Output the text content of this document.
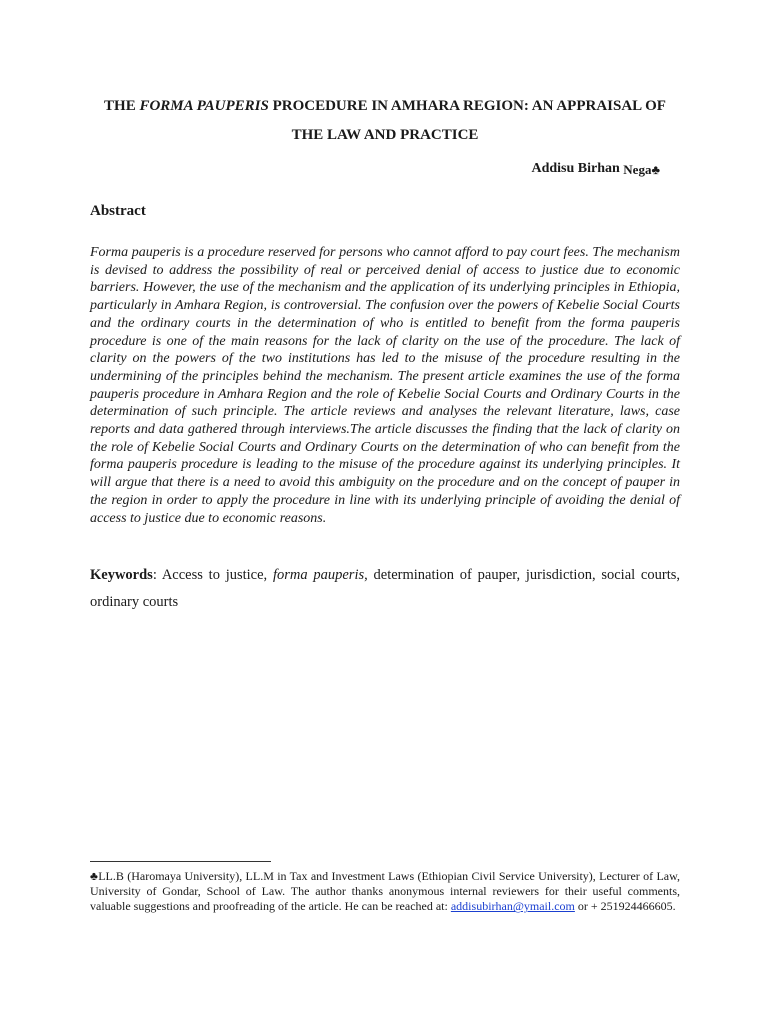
THE FORMA PAUPERIS PROCEDURE IN AMHARA REGION: AN APPRAISAL OF THE LAW AND PRACTICE
Addisu Birhan Nega♣
Abstract

Forma pauperis is a procedure reserved for persons who cannot afford to pay court fees. The mechanism is devised to address the possibility of real or perceived denial of access to justice due to economic barriers. However, the use of the mechanism and the application of its underlying principles in Ethiopia, particularly in Amhara Region, is controversial. The confusion over the powers of Kebelie Social Courts and the ordinary courts in the determination of who is entitled to benefit from the forma pauperis procedure is one of the main reasons for the lack of clarity on the use of the procedure. The lack of clarity on the powers of the two institutions has led to the misuse of the procedure resulting in the undermining of the principles behind the mechanism. The present article examines the use of the forma pauperis procedure in Amhara Region and the role of Kebelie Social Courts and Ordinary Courts in the determination of such principle. The article reviews and analyses the relevant literature, laws, case reports and data gathered through interviews.The article discusses the finding that the lack of clarity on the role of Kebelie Social Courts and Ordinary Courts on the determination of who can benefit from the forma pauperis procedure is leading to the misuse of the procedure against its underlying principles. It will argue that there is a need to avoid this ambiguity on the procedure and on the concept of pauper in the region in order to apply the procedure in line with its underlying principle of avoiding the denial of access to justice due to economic reasons.

Keywords: Access to justice, forma pauperis, determination of pauper, jurisdiction, social courts, ordinary courts

♣LL.B (Haromaya University), LL.M in Tax and Investment Laws (Ethiopian Civil Service University), Lecturer of Law, University of Gondar, School of Law. The author thanks anonymous internal reviewers for their useful comments, valuable suggestions and proofreading of the article. He can be reached at: addisubirhan@ymail.com or + 251924466605.
